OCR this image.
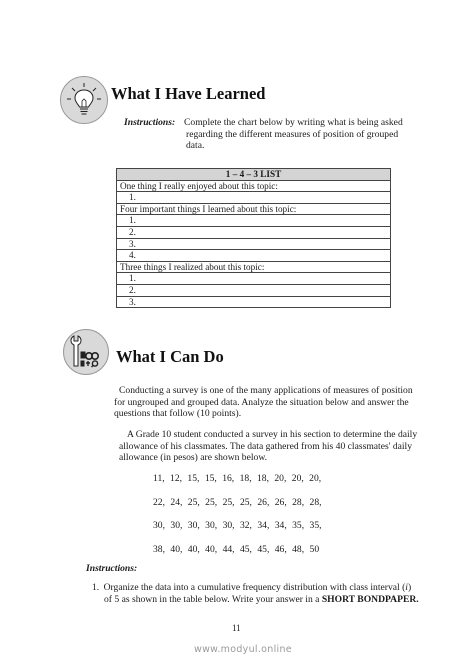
What I Have Learned
Instructions: Complete the chart below by writing what is being asked
regarding the different measures of position of grouped
data.
1 – 4 – 3 LIST
One thing I really enjoyed about this topic:
1.
Four important things I learned about this topic:
1.
2.
3.
4.
Three things I realized about this topic:
1.
2.
3.
What I Can Do
Conducting a survey is one of the many applications of measures of position
for ungrouped and grouped data. Analyze the situation below and answer the
questions that follow (10 points).
A Grade 10 student conducted a survey in his section to determine the daily
allowance of his classmates. The data gathered from his 40 classmates' daily
allowance (in pesos) are shown below.
11, 12, 15, 15, 16, 18, 18, 20, 20, 20,
22, 24, 25, 25, 25, 25, 26, 26, 28, 28,
30, 30, 30, 30, 30, 32, 34, 34, 35, 35,
38, 40, 40, 40, 44, 45, 45, 46, 48, 50
Instructions:
1. Organize the data into a cumulative frequency distribution with class interval (i)
of 5 as shown in the table below. Write your answer in a SHORT BONDPAPER.
11
www.modyul.online
